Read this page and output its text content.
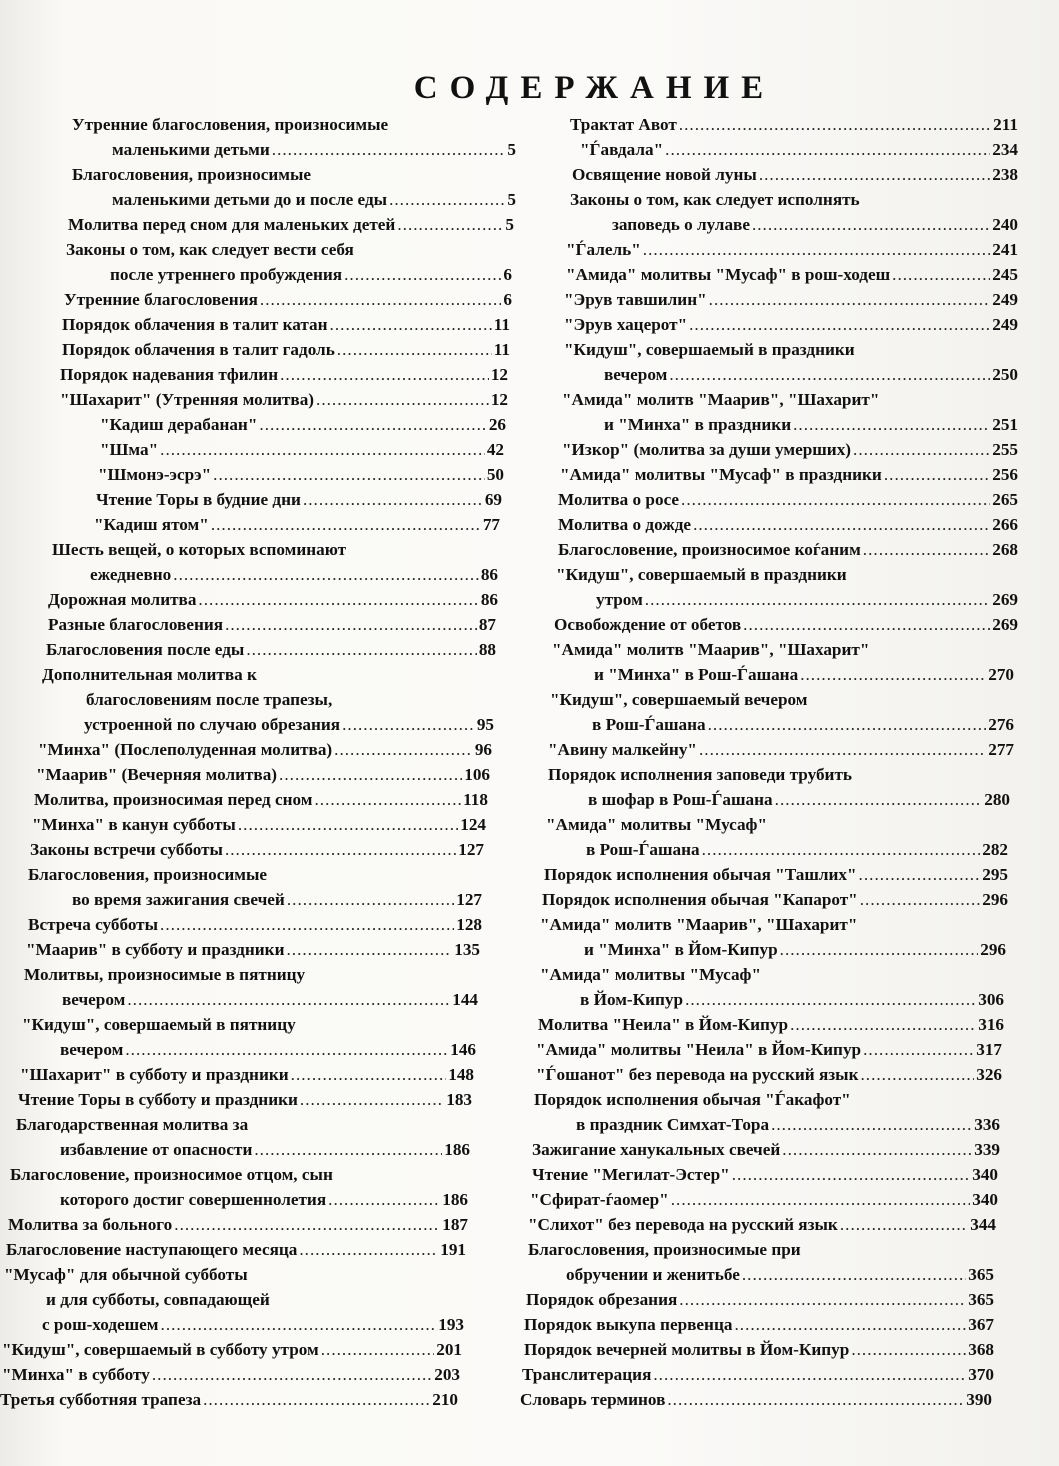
СОДЕРЖАНИЕ
Утренние благословения, произносимые
маленькими детьми .....	5
Благословения, произносимые
маленькими детьми до и после еды .....	5
Молитва перед сном для маленьких детей .....	5
Законы о том, как следует вести себя
после утреннего пробуждения .....	6
Утренние благословения .....	6
Порядок облачения в талит катан .....	11
Порядок облачения в талит гадоль .....	11
Порядок надевания тфилин .....	12
"Шахарит" (Утренняя молитва) .....	12
"Кадиш дерабанан" .....	26
"Шма" .....	42
"Шмонэ-эсрэ" .....	50
Чтение Торы в будние дни .....	69
"Кадиш ятом" .....	77
Шесть вещей, о которых вспоминают
ежедневно .....	86
Дорожная молитва .....	86
Разные благословения .....	87
Благословения после еды .....	88
Дополнительная молитва к
благословениям после трапезы,
устроенной по случаю обрезания .....	95
"Минха" (Послеполуденная молитва) .....	96
"Маарив" (Вечерняя молитва) .....	106
Молитва, произносимая перед сном .....	118
"Минха" в канун субботы .....	124
Законы встречи субботы .....	127
Благословения, произносимые
во время зажигания свечей .....	127
Встреча субботы .....	128
"Маарив" в субботу и праздники .....	135
Молитвы, произносимые в пятницу
вечером .....	144
"Кидуш", совершаемый в пятницу
вечером .....	146
"Шахарит" в субботу и праздники .....	148
Чтение Торы в субботу и праздники .....	183
Благодарственная молитва за
избавление от опасности .....	186
Благословение, произносимое отцом, сын
которого достиг совершеннолетия .....	186
Молитва за больного .....	187
Благословение наступающего месяца .....	191
"Мусаф" для обычной субботы
и для субботы, совпадающей
с рош-ходешем .....	193
"Кидуш", совершаемый в субботу утром .....	201
"Минха" в субботу .....	203
Третья субботняя трапеза .....	210
Трактат Авот .....	211
"Ѓавдала" .....	234
Освящение новой луны .....	238
Законы о том, как следует исполнять
заповедь о лулаве .....	240
"Ѓалель" .....	241
"Амида" молитвы "Мусаф" в рош-ходеш .....	245
"Эрув тавшилин" .....	249
"Эрув хацерот" .....	249
"Кидуш", совершаемый в праздники
вечером .....	250
"Амида" молитв "Маарив", "Шахарит"
и "Минха" в праздники .....	251
"Изкор" (молитва за души умерших) .....	255
"Амида" молитвы "Мусаф" в праздники .....	256
Молитва о росе .....	265
Молитва о дожде .....	266
Благословение, произносимое коѓаним .....	268
"Кидуш", совершаемый в праздники
утром .....	269
Освобождение от обетов .....	269
"Амида" молитв "Маарив", "Шахарит"
и "Минха" в Рош-Ѓашана .....	270
"Кидуш", совершаемый вечером
в Рош-Ѓашана .....	276
"Авину малкейну" .....	277
Порядок исполнения заповеди трубить
в шофар в Рош-Ѓашана .....	280
"Амида" молитвы "Мусаф"
в Рош-Ѓашана .....	282
Порядок исполнения обычая "Ташлих" .....	295
Порядок исполнения обычая "Капарот" .....	296
"Амида" молитв "Маарив", "Шахарит"
и "Минха" в Йом-Кипур .....	296
"Амида" молитвы "Мусаф"
в Йом-Кипур .....	306
Молитва "Неила" в Йом-Кипур .....	316
"Амида" молитвы "Неила" в Йом-Кипур .....	317
"Ѓошанот" без перевода на русский язык .....	326
Порядок исполнения обычая "Ѓакафот"
в праздник Симхат-Тора .....	336
Зажигание ханукальных свечей .....	339
Чтение "Мегилат-Эстер" .....	340
"Сфират-ѓаомер" .....	340
"Слихот" без перевода на русский язык .....	344
Благословения, произносимые при
обручении и женитьбе .....	365
Порядок обрезания .....	365
Порядок выкупа первенца .....	367
Порядок вечерней молитвы в Йом-Кипур .....	368
Транслитерация .....	370
Словарь терминов .....	390
